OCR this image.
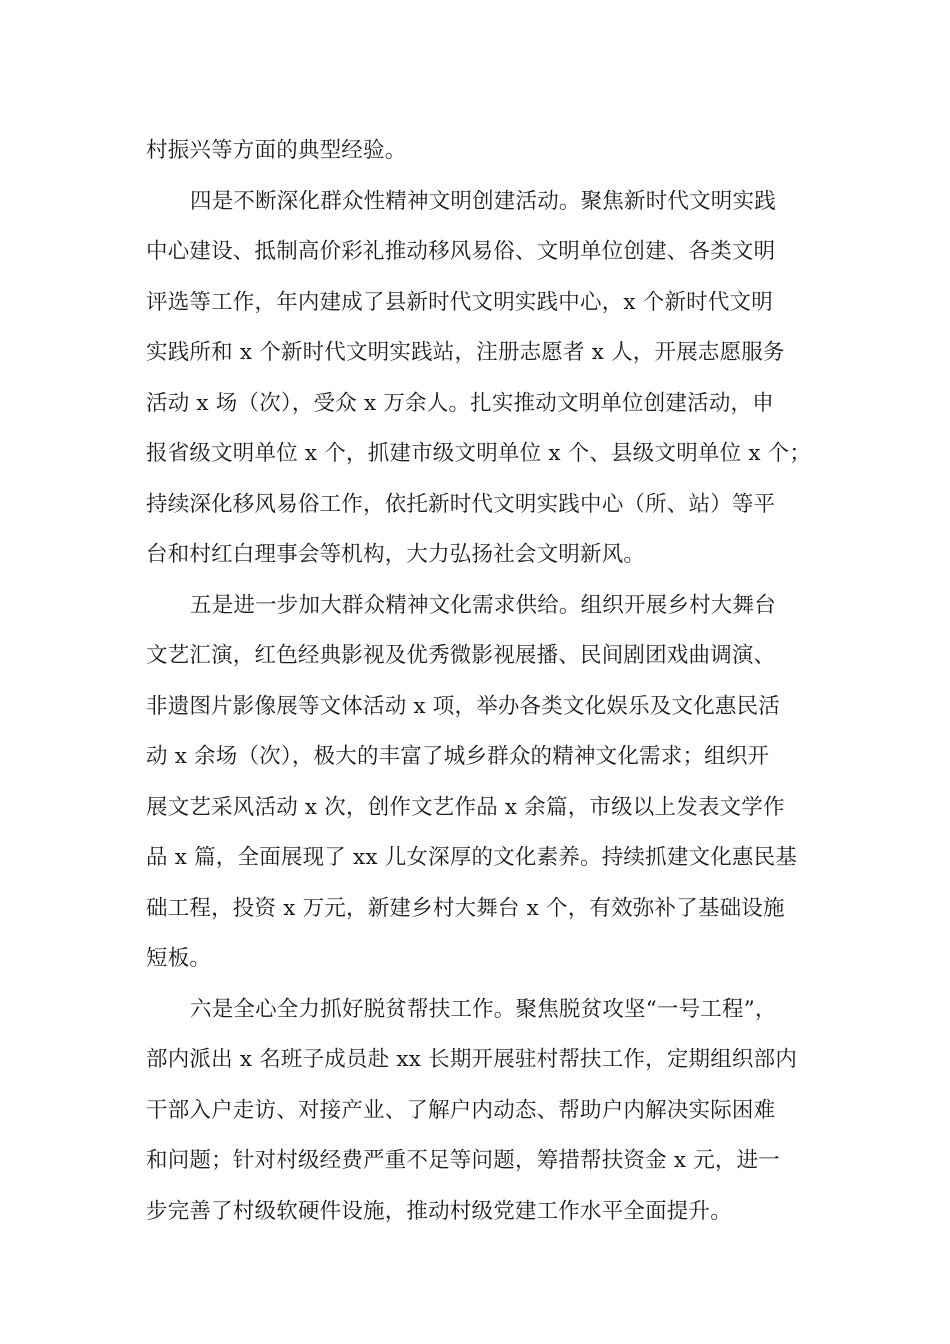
村振兴等方面的典型经验。
四是不断深化群众性精神文明创建活动。聚焦新时代文明实践
中心建设、抵制高价彩礼推动移风易俗、文明单位创建、各类文明
评选等工作，年内建成了县新时代文明实践中心，x 个新时代文明
实践所和 x 个新时代文明实践站，注册志愿者 x 人，开展志愿服务
活动 x 场（次），受众 x 万余人。扎实推动文明单位创建活动，申
报省级文明单位 x 个，抓建市级文明单位 x 个、县级文明单位 x 个；
持续深化移风易俗工作，依托新时代文明实践中心（所、站）等平
台和村红白理事会等机构，大力弘扬社会文明新风。
五是进一步加大群众精神文化需求供给。组织开展乡村大舞台
文艺汇演，红色经典影视及优秀微影视展播、民间剧团戏曲调演、
非遗图片影像展等文体活动 x 项，举办各类文化娱乐及文化惠民活
动 x 余场（次），极大的丰富了城乡群众的精神文化需求；组织开
展文艺采风活动 x 次，创作文艺作品 x 余篇，市级以上发表文学作
品 x 篇，全面展现了 xx 儿女深厚的文化素养。持续抓建文化惠民基
础工程，投资 x 万元，新建乡村大舞台 x 个，有效弥补了基础设施
短板。
六是全心全力抓好脱贫帮扶工作。聚焦脱贫攻坚“一号工程”，
部内派出 x 名班子成员赴 xx 长期开展驻村帮扶工作，定期组织部内
干部入户走访、对接产业、了解户内动态、帮助户内解决实际困难
和问题；针对村级经费严重不足等问题，筹措帮扶资金 x 元，进一
步完善了村级软硬件设施，推动村级党建工作水平全面提升。
